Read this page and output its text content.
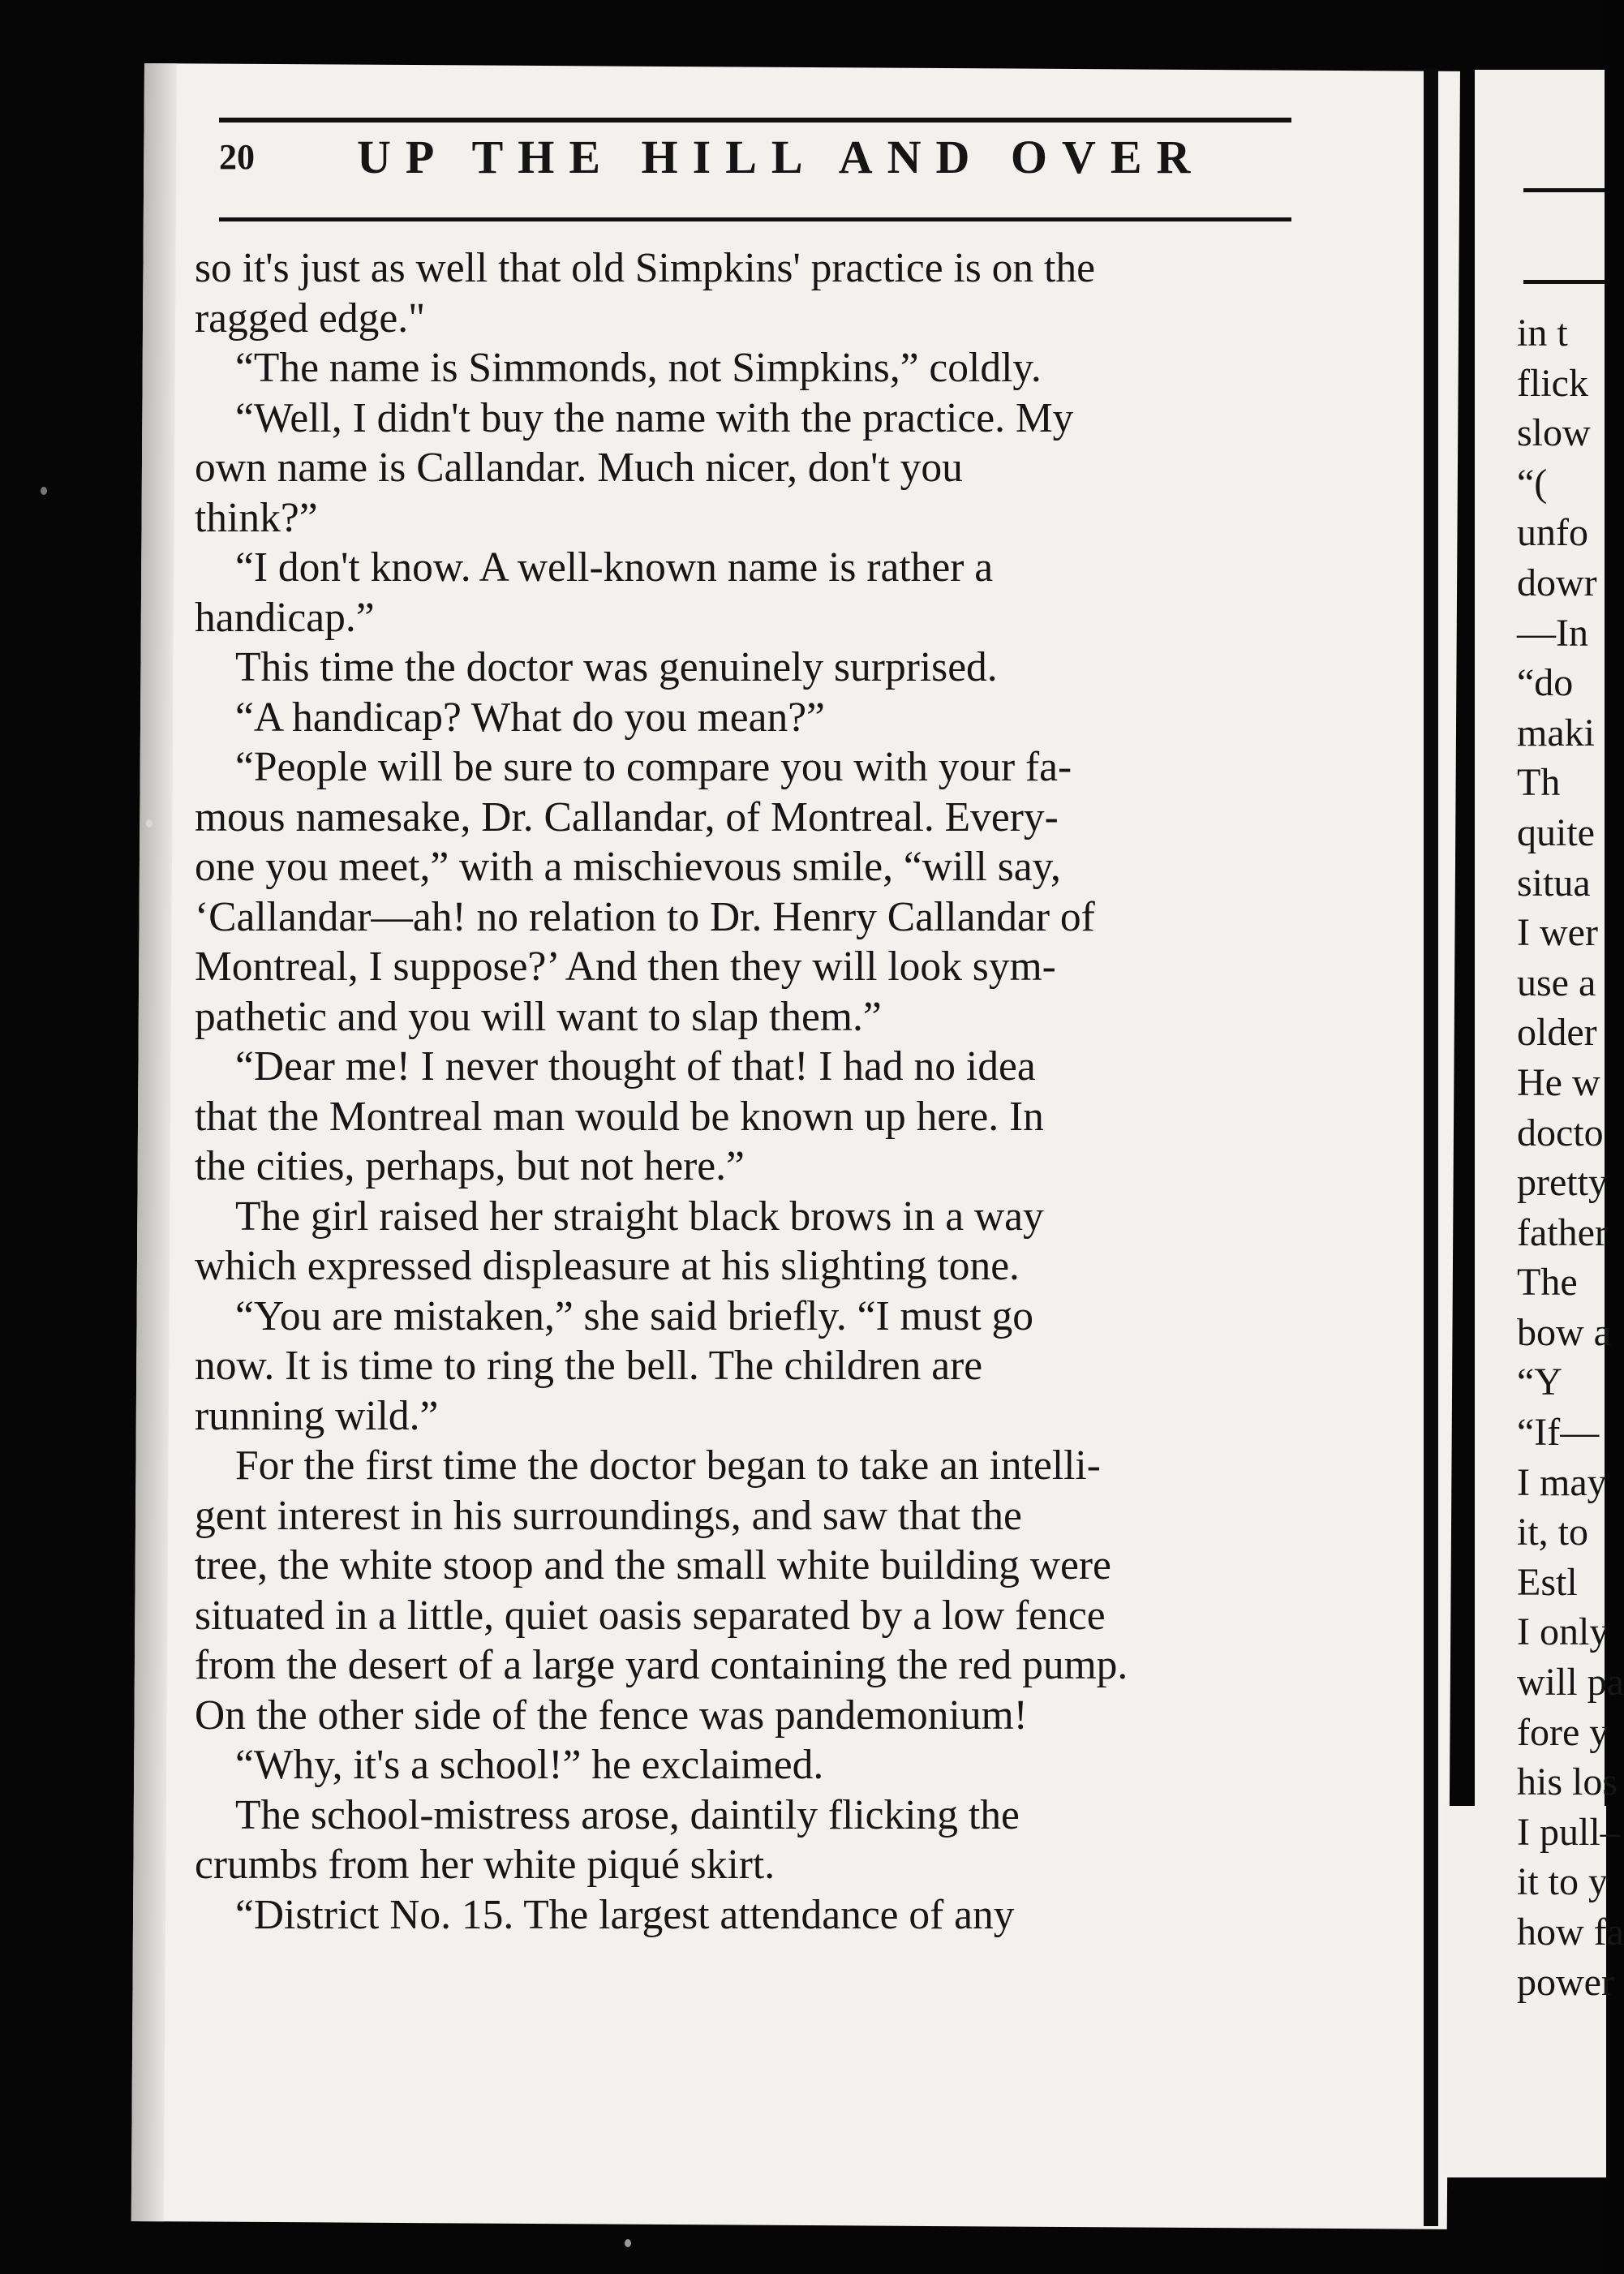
20 UP THE HILL AND OVER

so it's just as well that old Simpkins' practice is on the
ragged edge."

“The name is Simmonds, not Simpkins,” coldly.

“Well, I didn't buy the name with the practice. My
own name is Callandar. Much nicer, don't you
think?”

“I don't know. A well-known name is rather a
handicap.”

This time the doctor was genuinely surprised.

“A handicap? What do you mean?”

“People will be sure to compare you with your fa-
mous namesake, Dr. Callandar, of Montreal. Every-
one you meet,” with a mischievous smile, “will say,
‘Callandar—ah! no relation to Dr. Henry Callandar of
Montreal, I suppose?’ And then they will look sym-
pathetic and you will want to slap them.”

“Dear me! I never thought of that! I had no idea
that the Montreal man would be known up here. In
the cities, perhaps, but not here.”

The girl raised her straight black brows in a way
which expressed displeasure at his slighting tone.

“You are mistaken,” she said briefly. “I must go
now. It is time to ring the bell. The children are
running wild.”

For the first time the doctor began to take an intelli-
gent interest in his surroundings, and saw that the
tree, the white stoop and the small white building were
situated in a little, quiet oasis separated by a low fence
from the desert of a large yard containing the red pump.
On the other side of the fence was pandemonium!

“Why, it's a school!” he exclaimed.

The school-mistress arose, daintily flicking the
crumbs from her white piqué skirt.

“District No. 15. The largest attendance of any

in t
flick
slow
“(
unfo
dowr
—In
“do
maki
Th
quite
situa
I wer
use a
older
He w
docto
pretty
father
The
bow a
“Y
“If—
I may
it, to
Estl
I only
will pa
fore y
his los
I pull–
it to y
how fa
power
